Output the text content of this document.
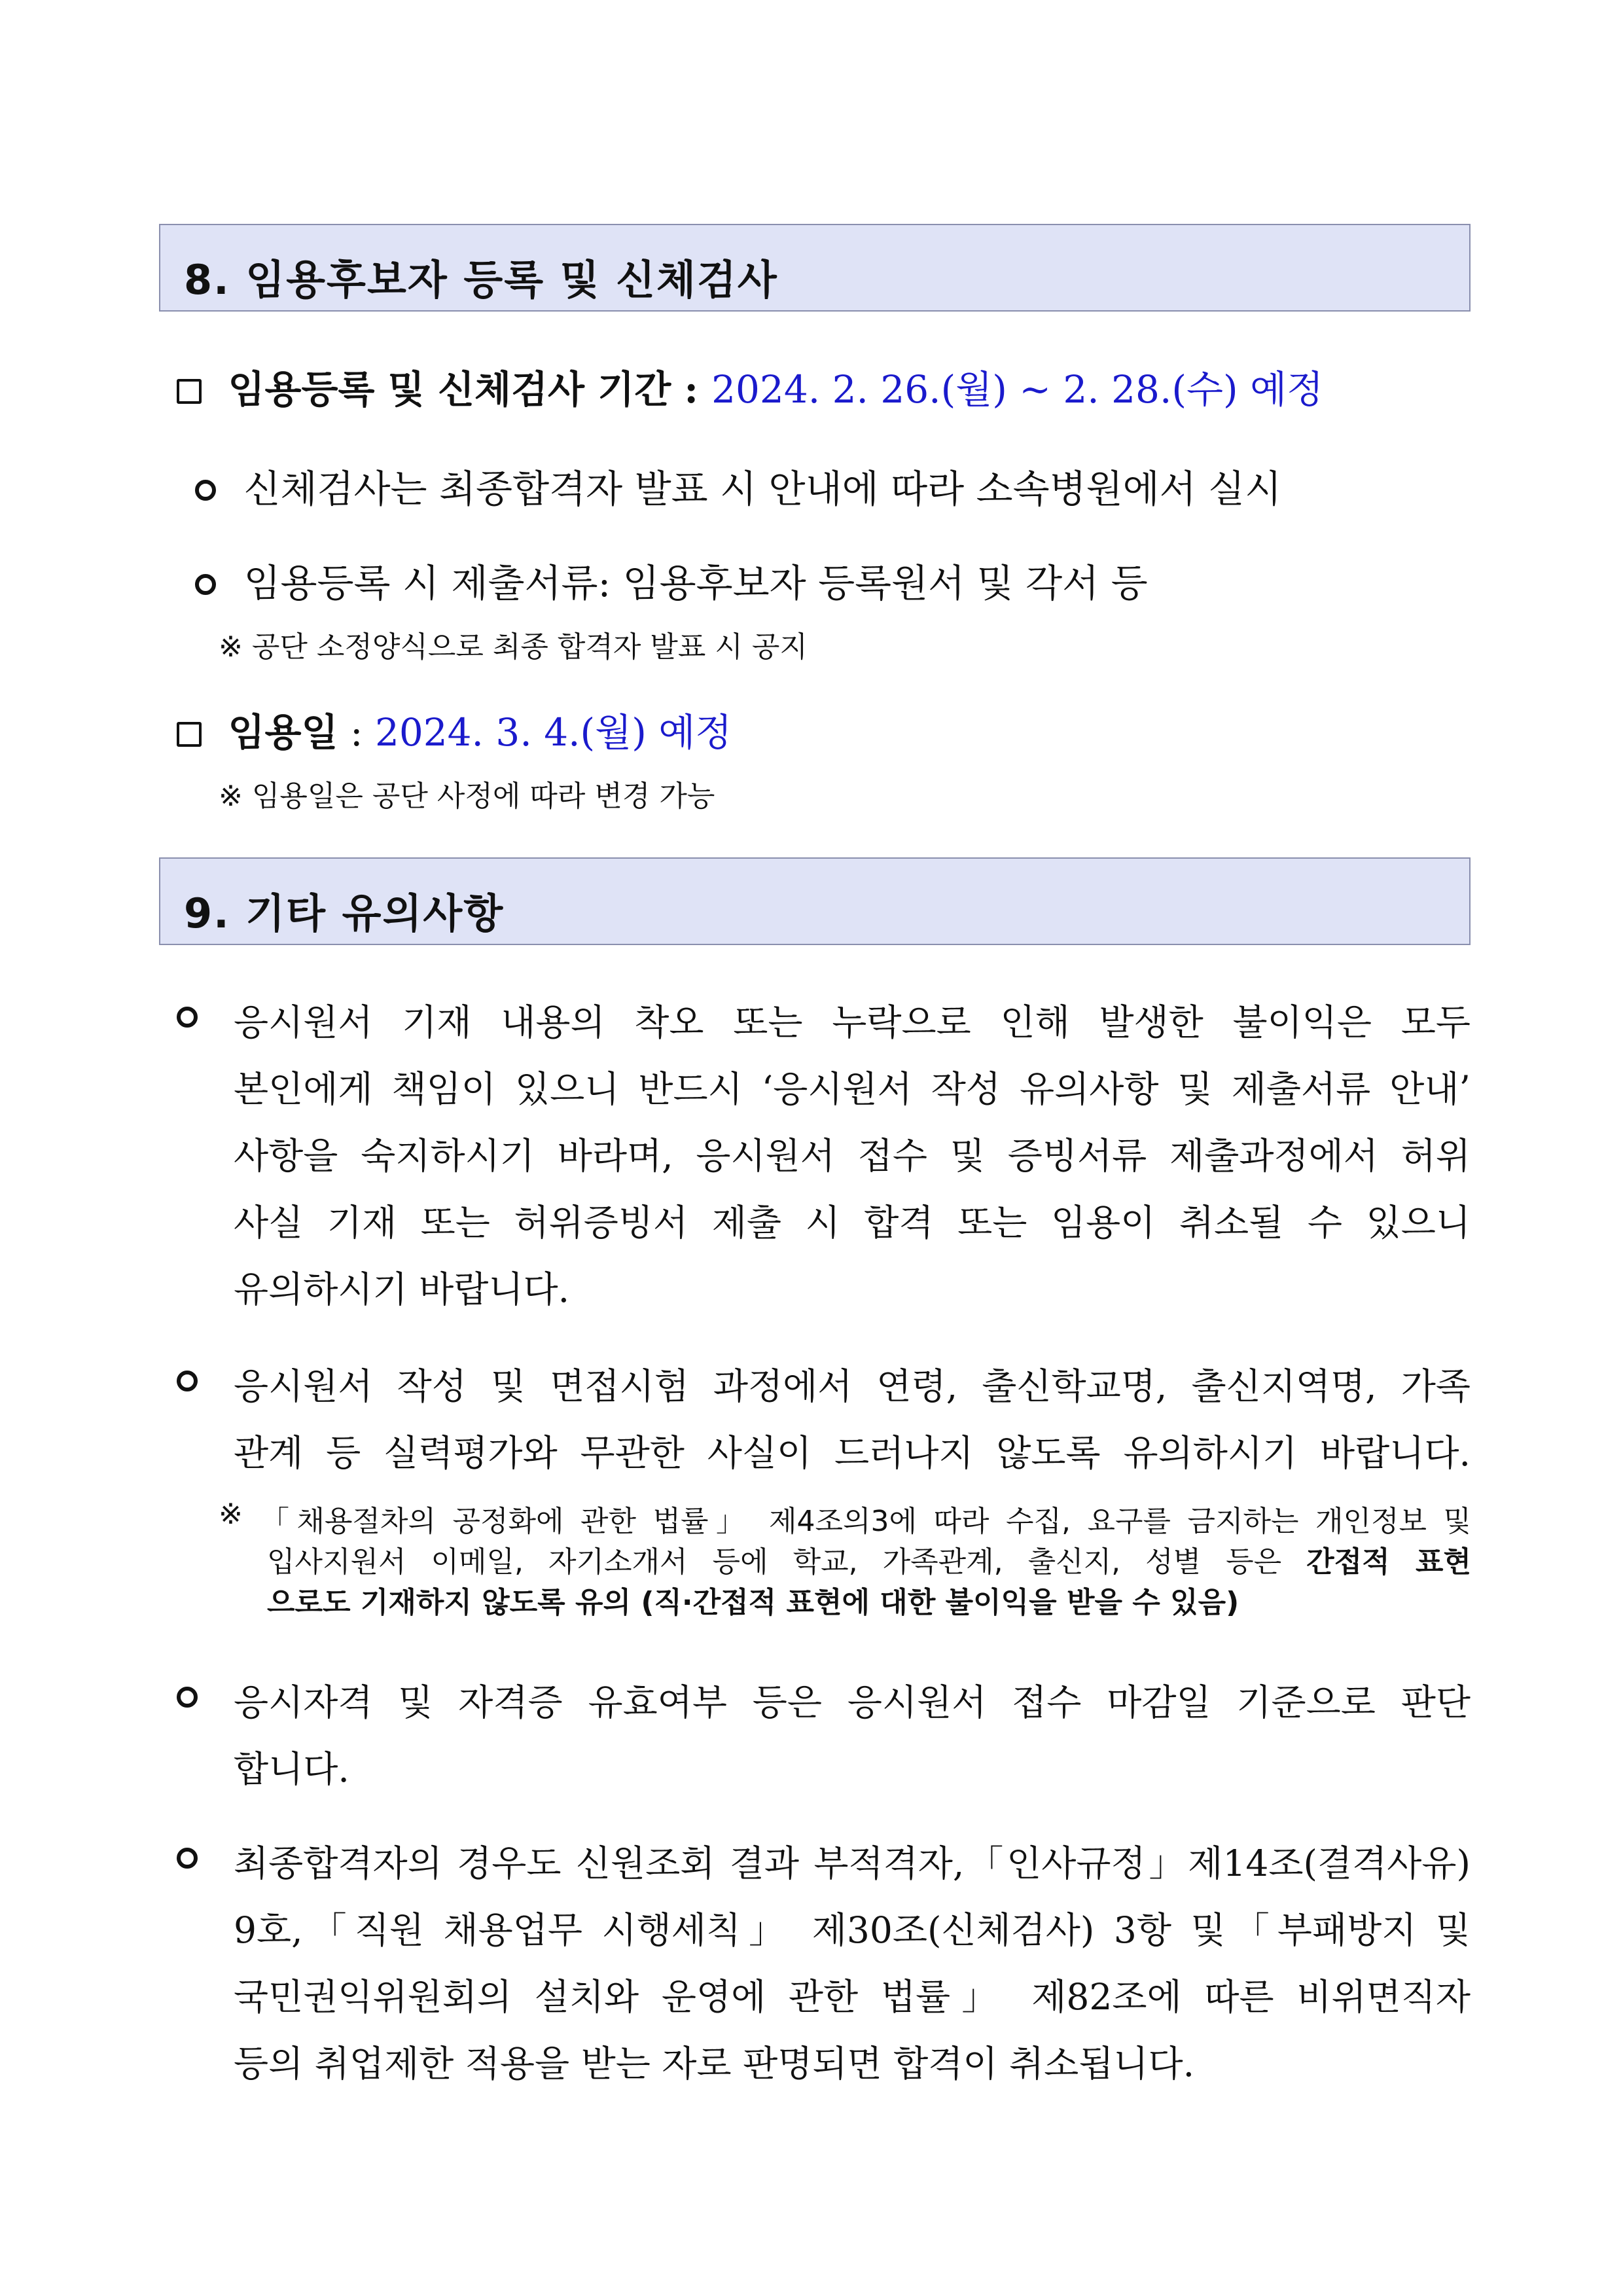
8. 임용후보자 등록 및 신체검사

임용등록 및 신체검사 기간 : 2024. 2. 26.(월) ~ 2. 28.(수) 예정

신체검사는 최종합격자 발표 시 안내에 따라 소속병원에서 실시

임용등록 시 제출서류: 임용후보자 등록원서 및 각서 등

※ 공단 소정양식으로 최종 합격자 발표 시 공지

임용일 : 2024. 3. 4.(월) 예정

※ 임용일은 공단 사정에 따라 변경 가능

9. 기타 유의사항

응시원서 기재 내용의 착오 또는 누락으로 인해 발생한 불이익은 모두

본인에게 책임이 있으니 반드시 ‘응시원서 작성 유의사항 및 제출서류 안내’

사항을 숙지하시기 바라며, 응시원서 접수 및 증빙서류 제출과정에서 허위

사실 기재 또는 허위증빙서 제출 시 합격 또는 임용이 취소될 수 있으니

유의하시기 바랍니다.

응시원서 작성 및 면접시험 과정에서 연령, 출신학교명, 출신지역명, 가족

관계 등 실력평가와 무관한 사실이 드러나지 않도록 유의하시기 바랍니다.

※ 「채용절차의 공정화에 관한 법률」 제4조의3에 따라 수집, 요구를 금지하는 개인정보 및

입사지원서 이메일, 자기소개서 등에 학교, 가족관계, 출신지, 성별 등은 간접적 표현

으로도 기재하지 않도록 유의 (직·간접적 표현에 대한 불이익을 받을 수 있음)

응시자격 및 자격증 유효여부 등은 응시원서 접수 마감일 기준으로 판단

합니다.

최종합격자의 경우도 신원조회 결과 부적격자,「인사규정」제14조(결격사유)

9호,「직원 채용업무 시행세칙」 제30조(신체검사) 3항 및「부패방지 및

국민권익위원회의 설치와 운영에 관한 법률」 제82조에 따른 비위면직자

등의 취업제한 적용을 받는 자로 판명되면 합격이 취소됩니다.
